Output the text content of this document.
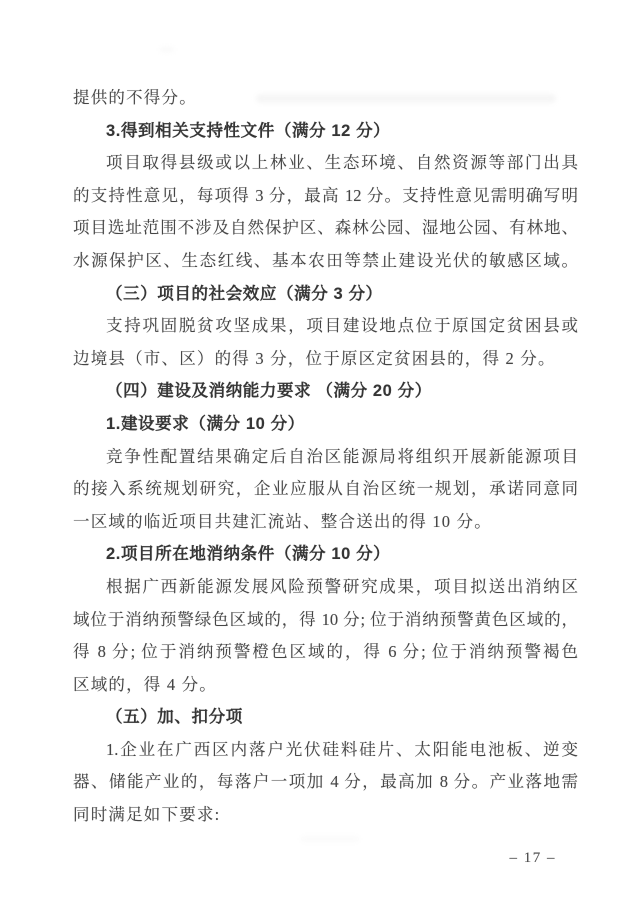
提供的不得分。
3.得到相关支持性文件（满分 12 分）
项目取得县级或以上林业、生态环境、自然资源等部门出具
的支持性意见，每项得 3 分，最高 12 分。支持性意见需明确写明
项目选址范围不涉及自然保护区、森林公园、湿地公园、有林地、
水源保护区、生态红线、基本农田等禁止建设光伏的敏感区域。
（三）项目的社会效应（满分 3 分）
支持巩固脱贫攻坚成果，项目建设地点位于原国定贫困县或
边境县（市、区）的得 3 分，位于原区定贫困县的，得 2 分。
（四）建设及消纳能力要求 （满分 20 分）
1.建设要求（满分 10 分）
竞争性配置结果确定后自治区能源局将组织开展新能源项目
的接入系统规划研究，企业应服从自治区统一规划，承诺同意同
一区域的临近项目共建汇流站、整合送出的得 10 分。
2.项目所在地消纳条件（满分 10 分）
根据广西新能源发展风险预警研究成果，项目拟送出消纳区
域位于消纳预警绿色区域的，得 10 分; 位于消纳预警黄色区域的，
得 8 分; 位于消纳预警橙色区域的，得 6 分; 位于消纳预警褐色
区域的，得 4 分。
（五）加、扣分项
1.企业在广西区内落户光伏硅料硅片、太阳能电池板、逆变
器、储能产业的，每落户一项加 4 分，最高加 8 分。产业落地需
同时满足如下要求:
– 17 –
